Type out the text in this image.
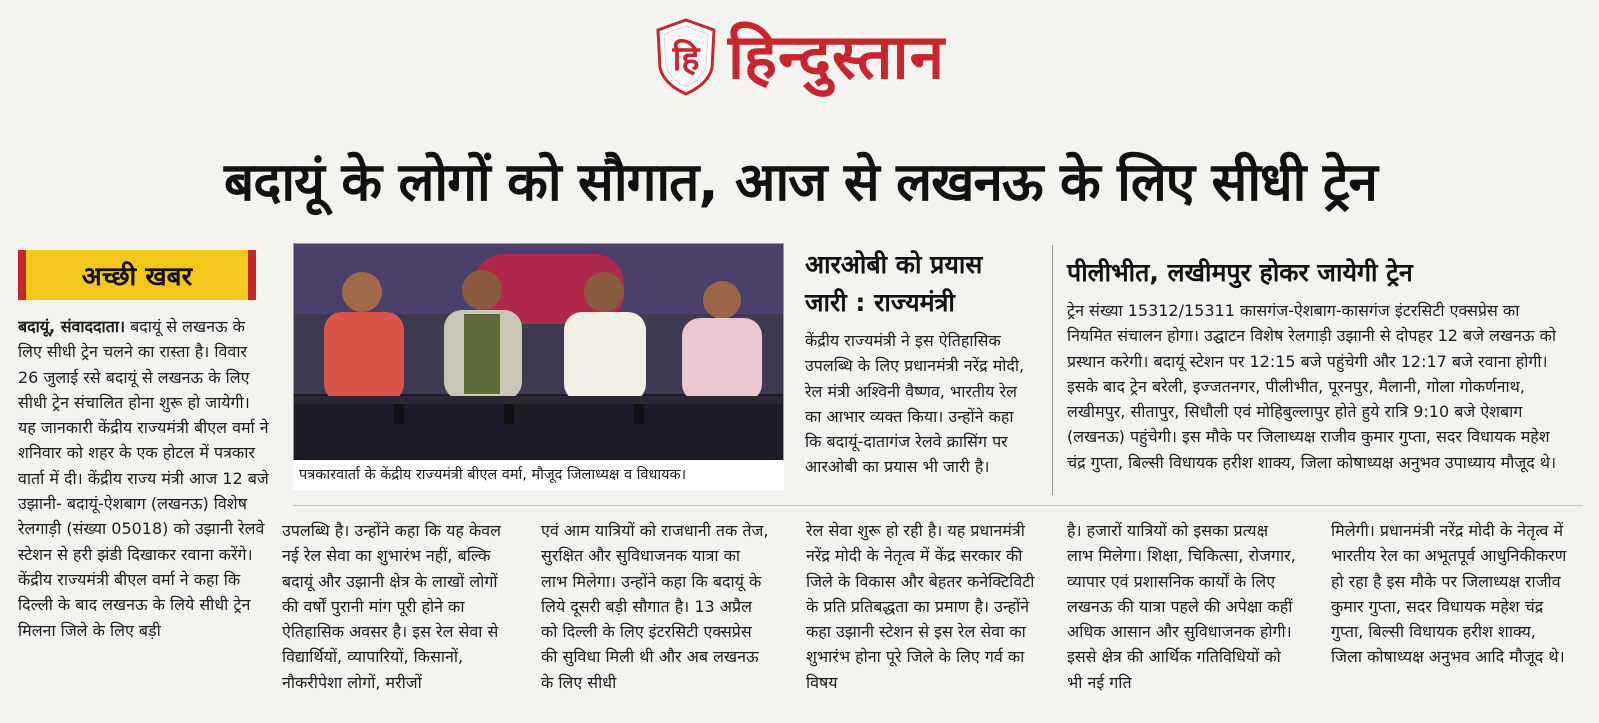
हि हिन्दुस्तान
बदायूं के लोगों को सौगात, आज से लखनऊ के लिए सीधी ट्रेन
अच्छी खबर

बदायूं, संवाददाता। बदायूं से लखनऊ के लिए सीधी ट्रेन चलने का रास्ता है। विवार 26 जुलाई रसे बदायूं से लखनऊ के लिए सीधी ट्रेन संचालित होना शुरू हो जायेगी। यह जानकारी केंद्रीय राज्यमंत्री बीएल वर्मा ने शनिवार को शहर के एक होटल में पत्रकार वार्ता में दी। केंद्रीय राज्य मंत्री आज 12 बजे उझानी- बदायूं-ऐशबाग (लखनऊ) विशेष रेलगाड़ी (संख्या 05018) को उझानी रेलवे स्टेशन से हरी झंडी दिखाकर रवाना करेंगे। केंद्रीय राज्यमंत्री बीएल वर्मा ने कहा कि दिल्ली के बाद लखनऊ के लिये सीधी ट्रेन मिलना जिले के लिए बड़ी

पत्रकारवार्ता के केंद्रीय राज्यमंत्री बीएल वर्मा, मौजूद जिलाध्यक्ष व विधायक।
आरओबी को प्रयास
जारी : राज्यमंत्री

केंद्रीय राज्यमंत्री ने इस ऐतिहासिक उपलब्धि के लिए प्रधानमंत्री नरेंद्र मोदी, रेल मंत्री अश्विनी वैष्णव, भारतीय रेल का आभार व्यक्त किया। उन्होंने कहा कि बदायूं-दातागंज रेलवे क्रासिंग पर आरओबी का प्रयास भी जारी है।

पीलीभीत, लखीमपुर होकर जायेगी ट्रेन

ट्रेन संख्या 15312/15311 कासगंज-ऐशबाग-कासगंज इंटरसिटी एक्सप्रेस का नियमित संचालन होगा। उद्घाटन विशेष रेलगाड़ी उझानी से दोपहर 12 बजे लखनऊ को प्रस्थान करेगी। बदायूं स्टेशन पर 12:15 बजे पहुंचेगी और 12:17 बजे रवाना होगी। इसके बाद ट्रेन बरेली, इज्जतनगर, पीलीभीत, पूरनपुर, मैलानी, गोला गोकर्णनाथ, लखीमपुर, सीतापुर, सिधौली एवं मोहिबुल्लापुर होते हुये रात्रि 9:10 बजे ऐशबाग (लखनऊ) पहुंचेगी। इस मौके पर जिलाध्यक्ष राजीव कुमार गुप्ता, सदर विधायक महेश चंद्र गुप्ता, बिल्सी विधायक हरीश शाक्य, जिला कोषाध्यक्ष अनुभव उपाध्याय मौजूद थे।

उपलब्धि है। उन्होंने कहा कि यह केवल नई रेल सेवा का शुभारंभ नहीं, बल्कि बदायूं और उझानी क्षेत्र के लाखों लोगों की वर्षों पुरानी मांग पूरी होने का ऐतिहासिक अवसर है। इस रेल सेवा से विद्यार्थियों, व्यापारियों, किसानों, नौकरीपेशा लोगों, मरीजों

एवं आम यात्रियों को राजधानी तक तेज, सुरक्षित और सुविधाजनक यात्रा का लाभ मिलेगा। उन्होंने कहा कि बदायूं के लिये दूसरी बड़ी सौगात है। 13 अप्रैल को दिल्ली के लिए इंटरसिटी एक्सप्रेस की सुविधा मिली थी और अब लखनऊ के लिए सीधी

रेल सेवा शुरू हो रही है। यह प्रधानमंत्री नरेंद्र मोदी के नेतृत्व में केंद्र सरकार की जिले के विकास और बेहतर कनेक्टिविटी के प्रति प्रतिबद्धता का प्रमाण है। उन्होंने कहा उझानी स्टेशन से इस रेल सेवा का शुभारंभ होना पूरे जिले के लिए गर्व का विषय

है। हजारों यात्रियों को इसका प्रत्यक्ष लाभ मिलेगा। शिक्षा, चिकित्सा, रोजगार, व्यापार एवं प्रशासनिक कार्यों के लिए लखनऊ की यात्रा पहले की अपेक्षा कहीं अधिक आसान और सुविधाजनक होगी। इससे क्षेत्र की आर्थिक गतिविधियों को भी नई गति

मिलेगी। प्रधानमंत्री नरेंद्र मोदी के नेतृत्व में भारतीय रेल का अभूतपूर्व आधुनिकीकरण हो रहा है इस मौके पर जिलाध्यक्ष राजीव कुमार गुप्ता, सदर विधायक महेश चंद्र गुप्ता, बिल्सी विधायक हरीश शाक्य, जिला कोषाध्यक्ष अनुभव आदि मौजूद थे।
